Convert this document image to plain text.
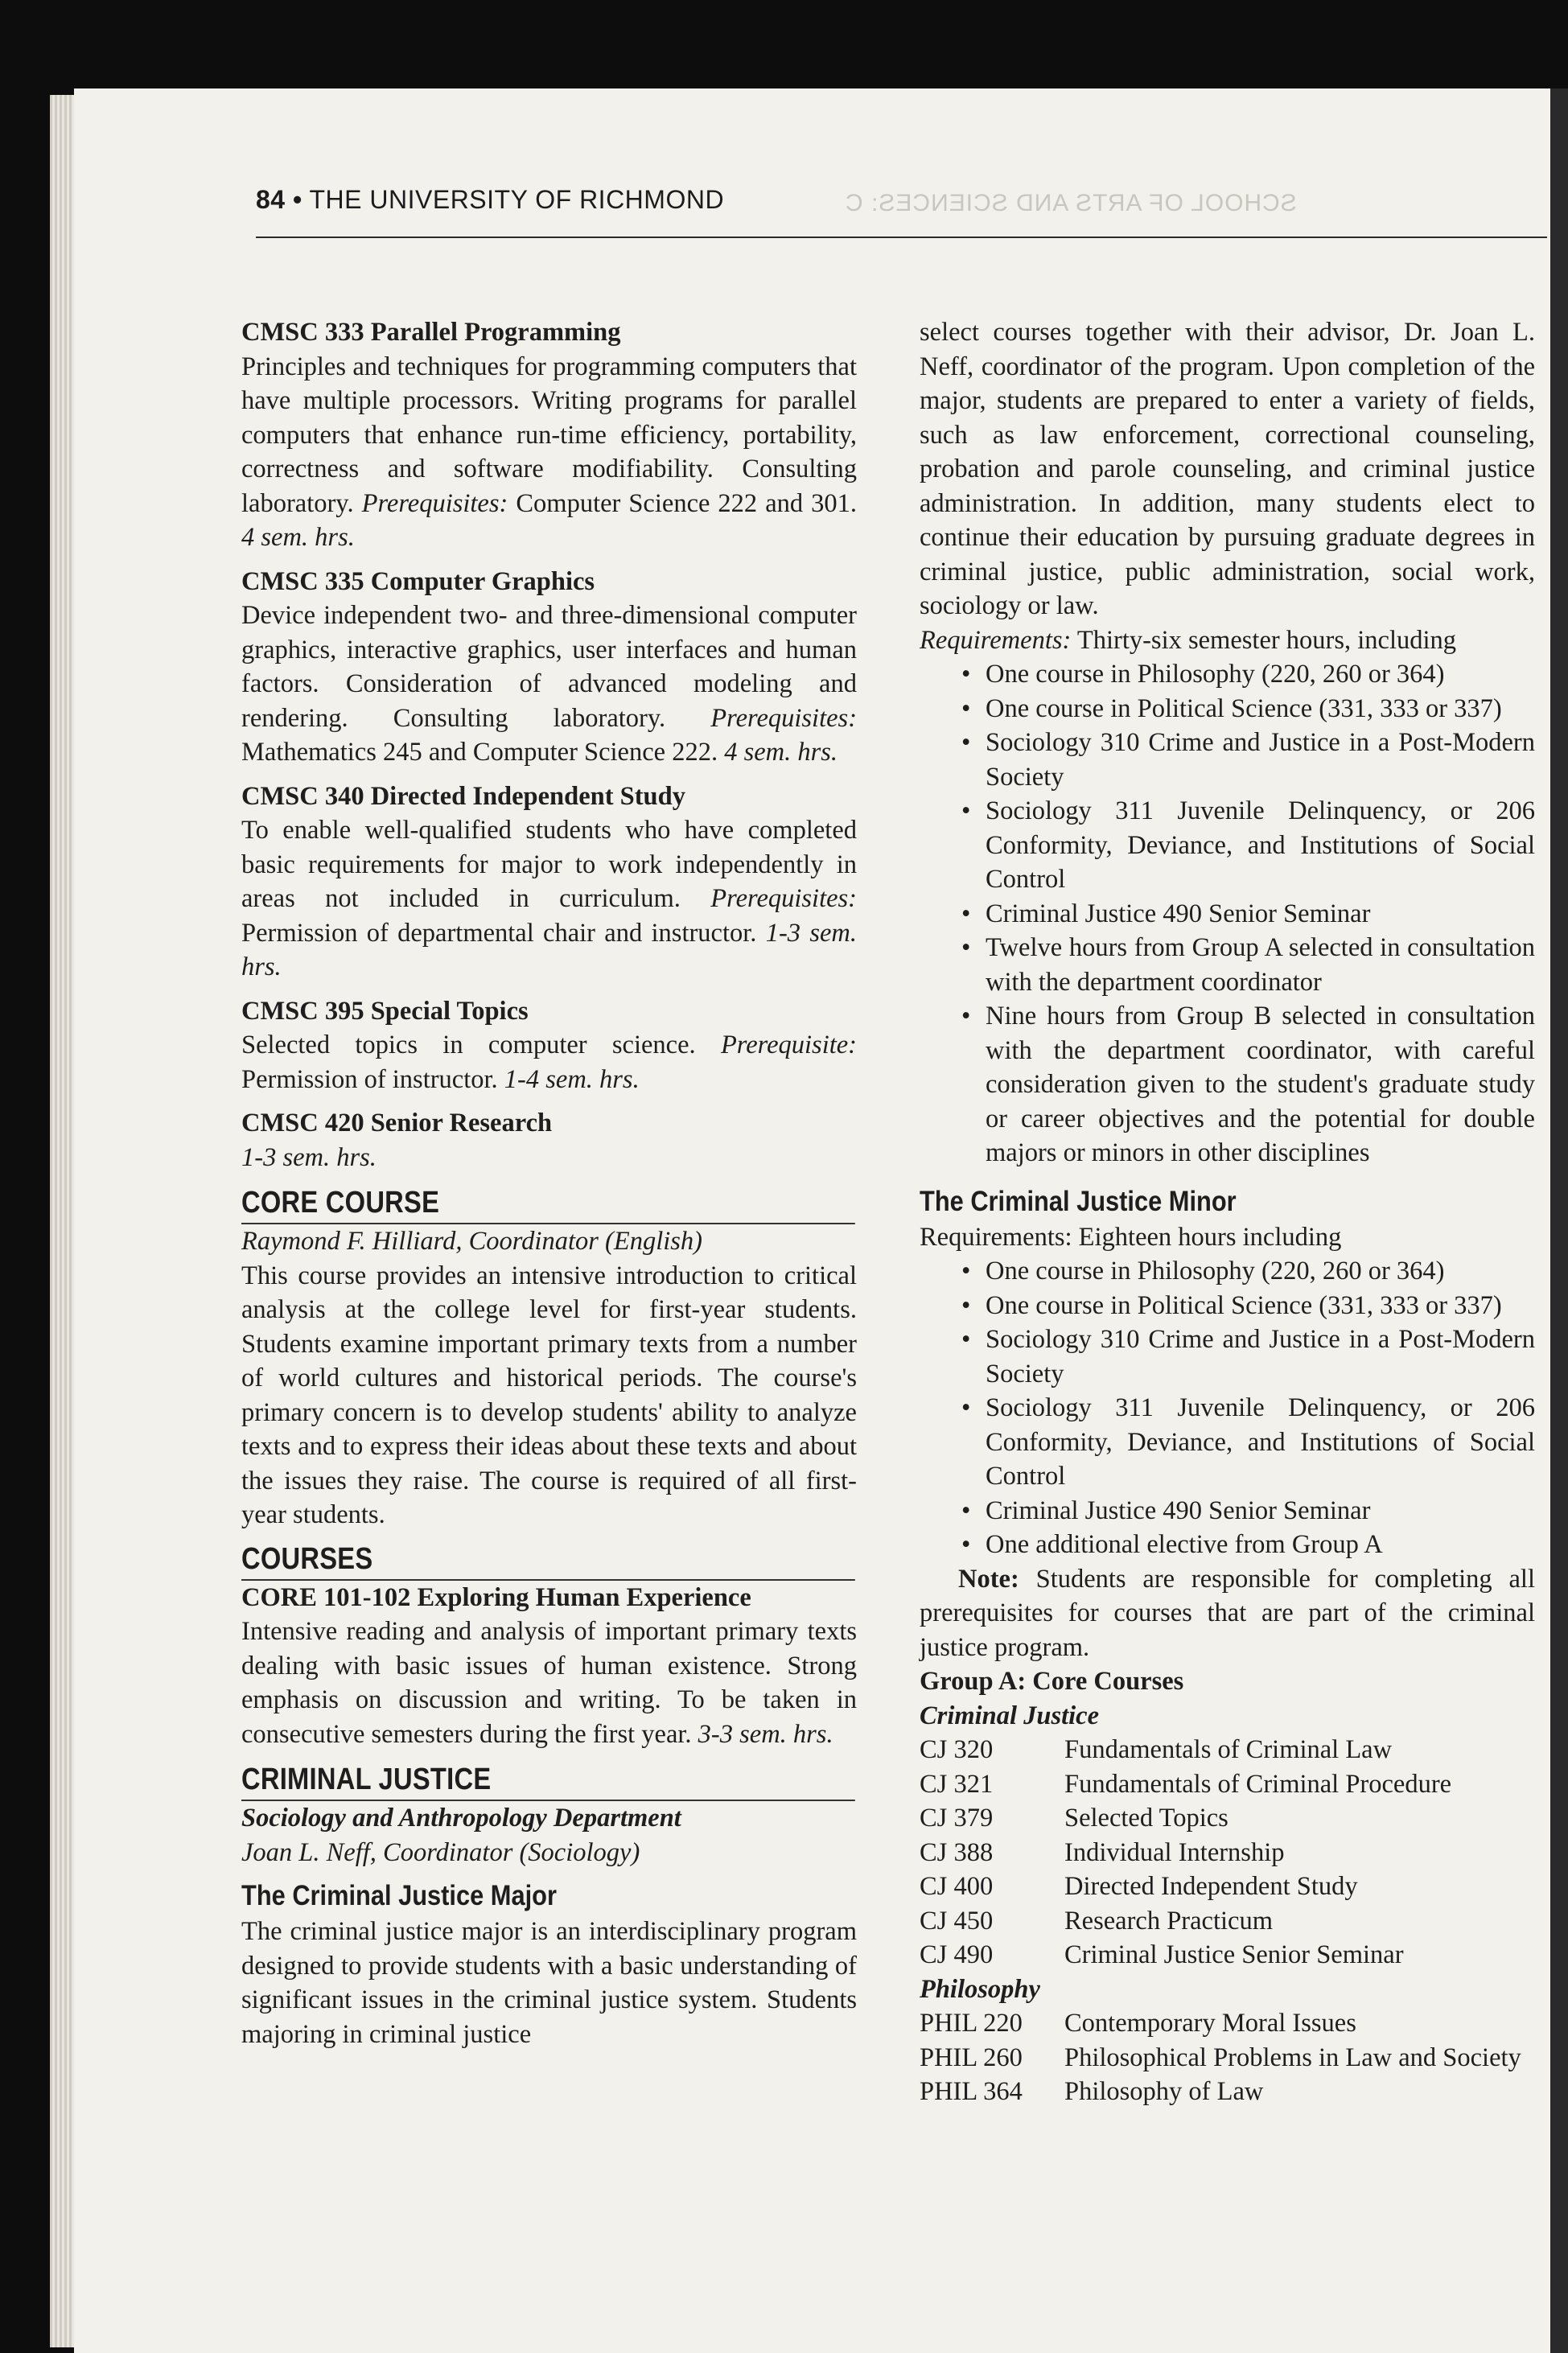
SCHOOL OF ARTS AND SCIENCES: C
84 • THE UNIVERSITY OF RICHMOND

CMSC 333 Parallel Programming

Principles and techniques for programming computers that have multiple processors. Writing programs for parallel computers that enhance run-time efficiency, portability, correctness and software modifiability. Consulting laboratory. Prerequisites: Computer Science 222 and 301. 4 sem. hrs.

CMSC 335 Computer Graphics

Device independent two- and three-dimensional computer graphics, interactive graphics, user interfaces and human factors. Consideration of advanced modeling and rendering. Consulting laboratory. Prerequisites: Mathematics 245 and Computer Science 222. 4 sem. hrs.

CMSC 340 Directed Independent Study

To enable well-qualified students who have completed basic requirements for major to work independently in areas not included in curriculum. Prerequisites: Permission of departmental chair and instructor. 1-3 sem. hrs.

CMSC 395 Special Topics

Selected topics in computer science. Prerequisite: Permission of instructor. 1-4 sem. hrs.

CMSC 420 Senior Research

1-3 sem. hrs.

CORE COURSE

Raymond F. Hilliard, Coordinator (English)

This course provides an intensive introduction to critical analysis at the college level for first-year students. Students examine important primary texts from a number of world cultures and historical periods. The course's primary concern is to develop students' ability to analyze texts and to express their ideas about these texts and about the issues they raise. The course is required of all first-year students.

COURSES

CORE 101-102 Exploring Human Experience

Intensive reading and analysis of important primary texts dealing with basic issues of human existence. Strong emphasis on discussion and writing. To be taken in consecutive semesters during the first year. 3-3 sem. hrs.

CRIMINAL JUSTICE

Sociology and Anthropology Department

Joan L. Neff, Coordinator (Sociology)

The Criminal Justice Major

The criminal justice major is an interdisciplinary program designed to provide students with a basic understanding of significant issues in the criminal justice system. Students majoring in criminal justice

select courses together with their advisor, Dr. Joan L. Neff, coordinator of the program. Upon completion of the major, students are prepared to enter a variety of fields, such as law enforcement, correctional counseling, probation and parole counseling, and criminal justice administration. In addition, many students elect to continue their education by pursuing graduate degrees in criminal justice, public administration, social work, sociology or law.

Requirements: Thirty-six semester hours, including

• One course in Philosophy (220, 260 or 364)
• One course in Political Science (331, 333 or 337)
• Sociology 310 Crime and Justice in a Post-Modern Society
• Sociology 311 Juvenile Delinquency, or 206 Conformity, Deviance, and Institutions of Social Control
• Criminal Justice 490 Senior Seminar
• Twelve hours from Group A selected in consultation with the department coordinator
• Nine hours from Group B selected in consultation with the department coordinator, with careful consideration given to the student's graduate study or career objectives and the potential for double majors or minors in other disciplines
The Criminal Justice Minor

Requirements: Eighteen hours including

• One course in Philosophy (220, 260 or 364)
• One course in Political Science (331, 333 or 337)
• Sociology 310 Crime and Justice in a Post-Modern Society
• Sociology 311 Juvenile Delinquency, or 206 Conformity, Deviance, and Institutions of Social Control
• Criminal Justice 490 Senior Seminar
• One additional elective from Group A

Note: Students are responsible for completing all prerequisites for courses that are part of the criminal justice program.

Group A: Core Courses

Criminal Justice

CJ 320	Fundamentals of Criminal Law
CJ 321	Fundamentals of Criminal Procedure
CJ 379	Selected Topics
CJ 388	Individual Internship
CJ 400	Directed Independent Study
CJ 450	Research Practicum
CJ 490	Criminal Justice Senior Seminar

Philosophy

PHIL 220	Contemporary Moral Issues
PHIL 260	Philosophical Problems in Law and Society
PHIL 364	Philosophy of Law
